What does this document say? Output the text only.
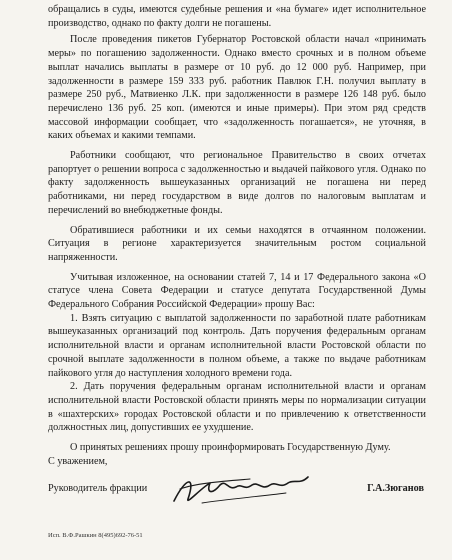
обращались в суды, имеются судебные решения и «на бумаге» идет исполнительное производство, однако по факту долги не погашены.

После проведения пикетов Губернатор Ростовской области начал «принимать меры» по погашению задолженности. Однако вместо срочных и в полном объеме выплат начались выплаты в размере от 10 руб. до 12 000 руб. Например, при задолженности в размере 159 333 руб. работник Павлюк Г.Н. получил выплату в размере 250 руб., Матвиенко Л.К. при задолженности в размере 126 148 руб. было перечислено 136 руб. 25 коп. (имеются и иные примеры). При этом ряд средств массовой информации сообщает, что «задолженность погашается», не уточняя, в каких объемах и какими темпами.

Работники сообщают, что региональное Правительство в своих отчетах рапортует о решении вопроса с задолженностью и выдачей пайкового угля. Однако по факту задолженность вышеуказанных организаций не погашена ни перед работниками, ни перед государством в виде долгов по налоговым выплатам и перечислений во внебюджетные фонды.

Обратившиеся работники и их семьи находятся в отчаянном положении. Ситуация в регионе характеризуется значительным ростом социальной напряженности.

Учитывая изложенное, на основании статей 7, 14 и 17 Федерального закона «О статусе члена Совета Федерации и статусе депутата Государственной Думы Федерального Собрания Российской Федерации» прошу Вас:

1. Взять ситуацию с выплатой задолженности по заработной плате работникам вышеуказанных организаций под контроль. Дать поручения федеральным органам исполнительной власти и органам исполнительной власти Ростовской области по срочной выплате задолженности в полном объеме, а также по выдаче работникам пайкового угля до наступления холодного времени года.

2. Дать поручения федеральным органам исполнительной власти и органам исполнительной власти Ростовской области принять меры по нормализации ситуации в «шахтерских» городах Ростовской области и по привлечению к ответственности должностных лиц, допустивших ее ухудшение.

О принятых решениях прошу проинформировать Государственную Думу.

С уважением,

Руководитель фракции	Г.А.Зюганов
Исп. В.Ф.Рашкин 8(495)692-76-51
